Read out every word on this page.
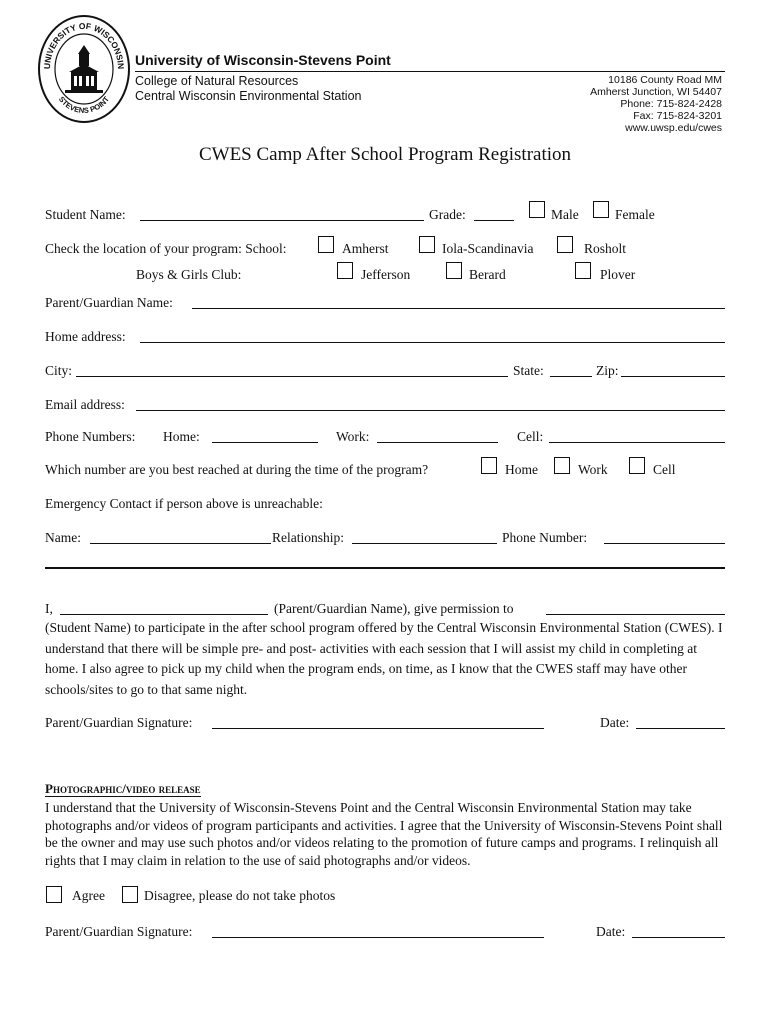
UNIVERSITY OF WISCONSIN
STEVENS POINT
University of Wisconsin-Stevens Point
College of Natural Resources
Central Wisconsin Environmental Station
10186 County Road MM
Amherst Junction, WI 54407
Phone: 715-824-2428
Fax: 715-824-3201
www.uwsp.edu/cwes
CWES Camp After School Program Registration
Student Name:	Grade:	Male	Female
Check the location of your program: School:	Amherst	Iola-Scandinavia	Rosholt
Boys & Girls Club:	Jefferson	Berard	Plover
Parent/Guardian Name:
Home address:
City:	State:	Zip:
Email address:
Phone Numbers: Home:	Work:	Cell:
Which number are you best reached at during the time of the program?	Home	Work	Cell
Emergency Contact if person above is unreachable:
Name:	Relationship:	Phone Number:
I,	(Parent/Guardian Name), give permission to
(Student Name) to participate in the after school program offered by the Central Wisconsin Environmental Station (CWES). I understand that there will be simple pre- and post- activities with each session that I will assist my child in completing at home. I also agree to pick up my child when the program ends, on time, as I know that the CWES staff may have other schools/sites to go to that same night.
Parent/Guardian Signature:	Date:
Photographic/video release
I understand that the University of Wisconsin-Stevens Point and the Central Wisconsin Environmental Station may take photographs and/or videos of program participants and activities. I agree that the University of Wisconsin-Stevens Point shall be the owner and may use such photos and/or videos relating to the promotion of future camps and programs. I relinquish all rights that I may claim in relation to the use of said photographs and/or videos.
Agree	Disagree, please do not take photos
Parent/Guardian Signature:	Date:
